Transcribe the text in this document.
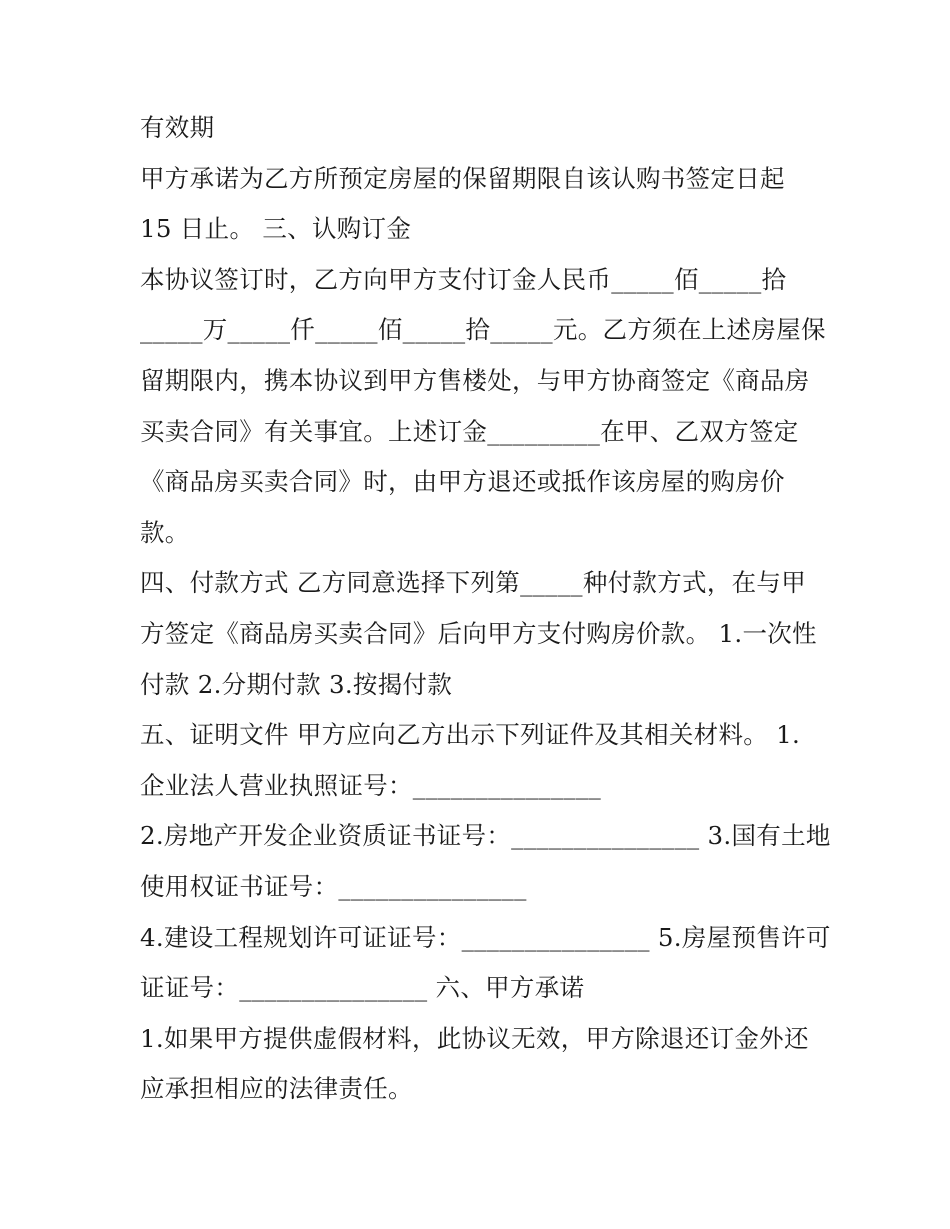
有效期
甲方承诺为乙方所预定房屋的保留期限自该认购书签定日起
15 日止。 三、认购订金
本协议签订时，乙方向甲方支付订金人民币_____佰_____拾
_____万_____仟_____佰_____拾_____元。乙方须在上述房屋保
留期限内，携本协议到甲方售楼处，与甲方协商签定《商品房
买卖合同》有关事宜。上述订金_________在甲、乙双方签定
《商品房买卖合同》时，由甲方退还或抵作该房屋的购房价
款。
四、付款方式 乙方同意选择下列第_____种付款方式，在与甲
方签定《商品房买卖合同》后向甲方支付购房价款。 1.一次性
付款 2.分期付款 3.按揭付款
五、证明文件 甲方应向乙方出示下列证件及其相关材料。 1.
企业法人营业执照证号：_______________
2.房地产开发企业资质证书证号：_______________ 3.国有土地
使用权证书证号：_______________
4.建设工程规划许可证证号：_______________ 5.房屋预售许可
证证号：_______________ 六、甲方承诺
1.如果甲方提供虚假材料，此协议无效，甲方除退还订金外还
应承担相应的法律责任。
